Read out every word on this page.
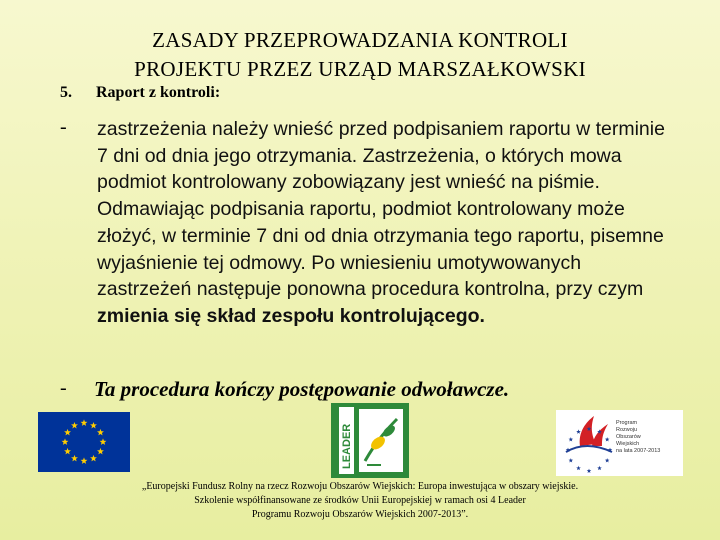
ZASADY PRZEPROWADZANIA KONTROLI
PROJEKTU PRZEZ URZĄD MARSZAŁKOWSKI
5. Raport z kontroli:
- zastrzeżenia należy wnieść przed podpisaniem raportu w terminie 7 dni od dnia jego otrzymania. Zastrzeżenia, o których mowa podmiot kontrolowany zobowiązany jest wnieść na piśmie. Odmawiając podpisania raportu, podmiot kontrolowany może złożyć, w terminie 7 dni od dnia otrzymania tego raportu, pisemne wyjaśnienie tej odmowy. Po wniesieniu umotywowanych zastrzeżeń następuje ponowna procedura kontrolna, przy czym
zmienia się skład zespołu kontrolującego.
- Ta procedura kończy postępowanie odwoławcze.
LEADER
Program
Rozwoju
Obszarów
Wiejskich
na lata 2007-2013
„Europejski Fundusz Rolny na rzecz Rozwoju Obszarów Wiejskich: Europa inwestująca w obszary wiejskie.
Szkolenie współfinansowane ze środków Unii Europejskiej w ramach osi 4 Leader
Programu Rozwoju Obszarów Wiejskich 2007-2013”.
